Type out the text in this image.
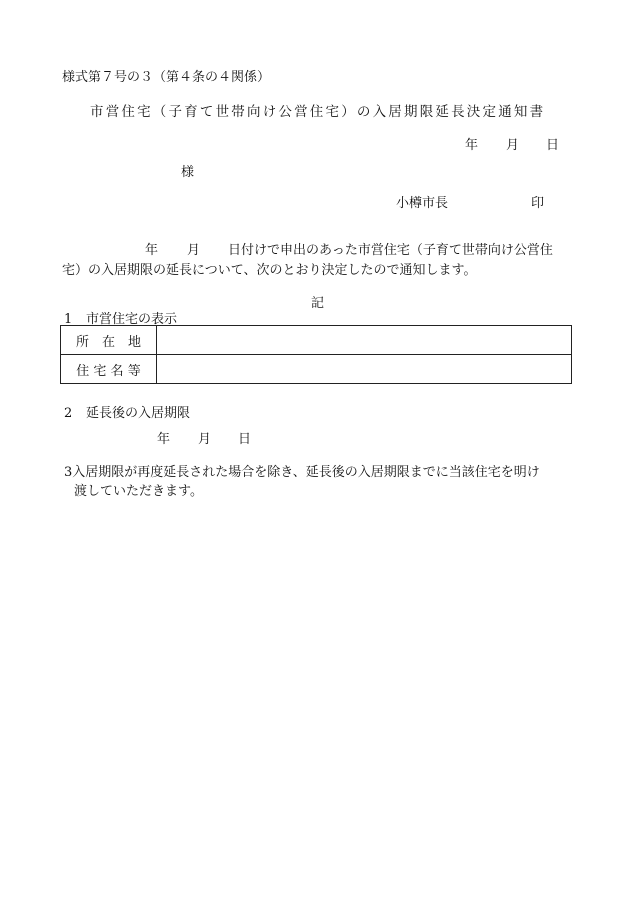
様式第７号の３（第４条の４関係）
市営住宅（子育て世帯向け公営住宅）の入居期限延長決定通知書
年 月 日
様
小樽市長	印
年 月 日付けで申出のあった市営住宅（子育て世帯向け公営住
宅）の入居期限の延長について、次のとおり決定したので通知します。
記
1 市営住宅の表示
所　在　地	
住 宅 名 等	
2 延長後の入居期限
年 月 日
3入居期限が再度延長された場合を除き、延長後の入居期限までに当該住宅を明け
渡していただきます。
